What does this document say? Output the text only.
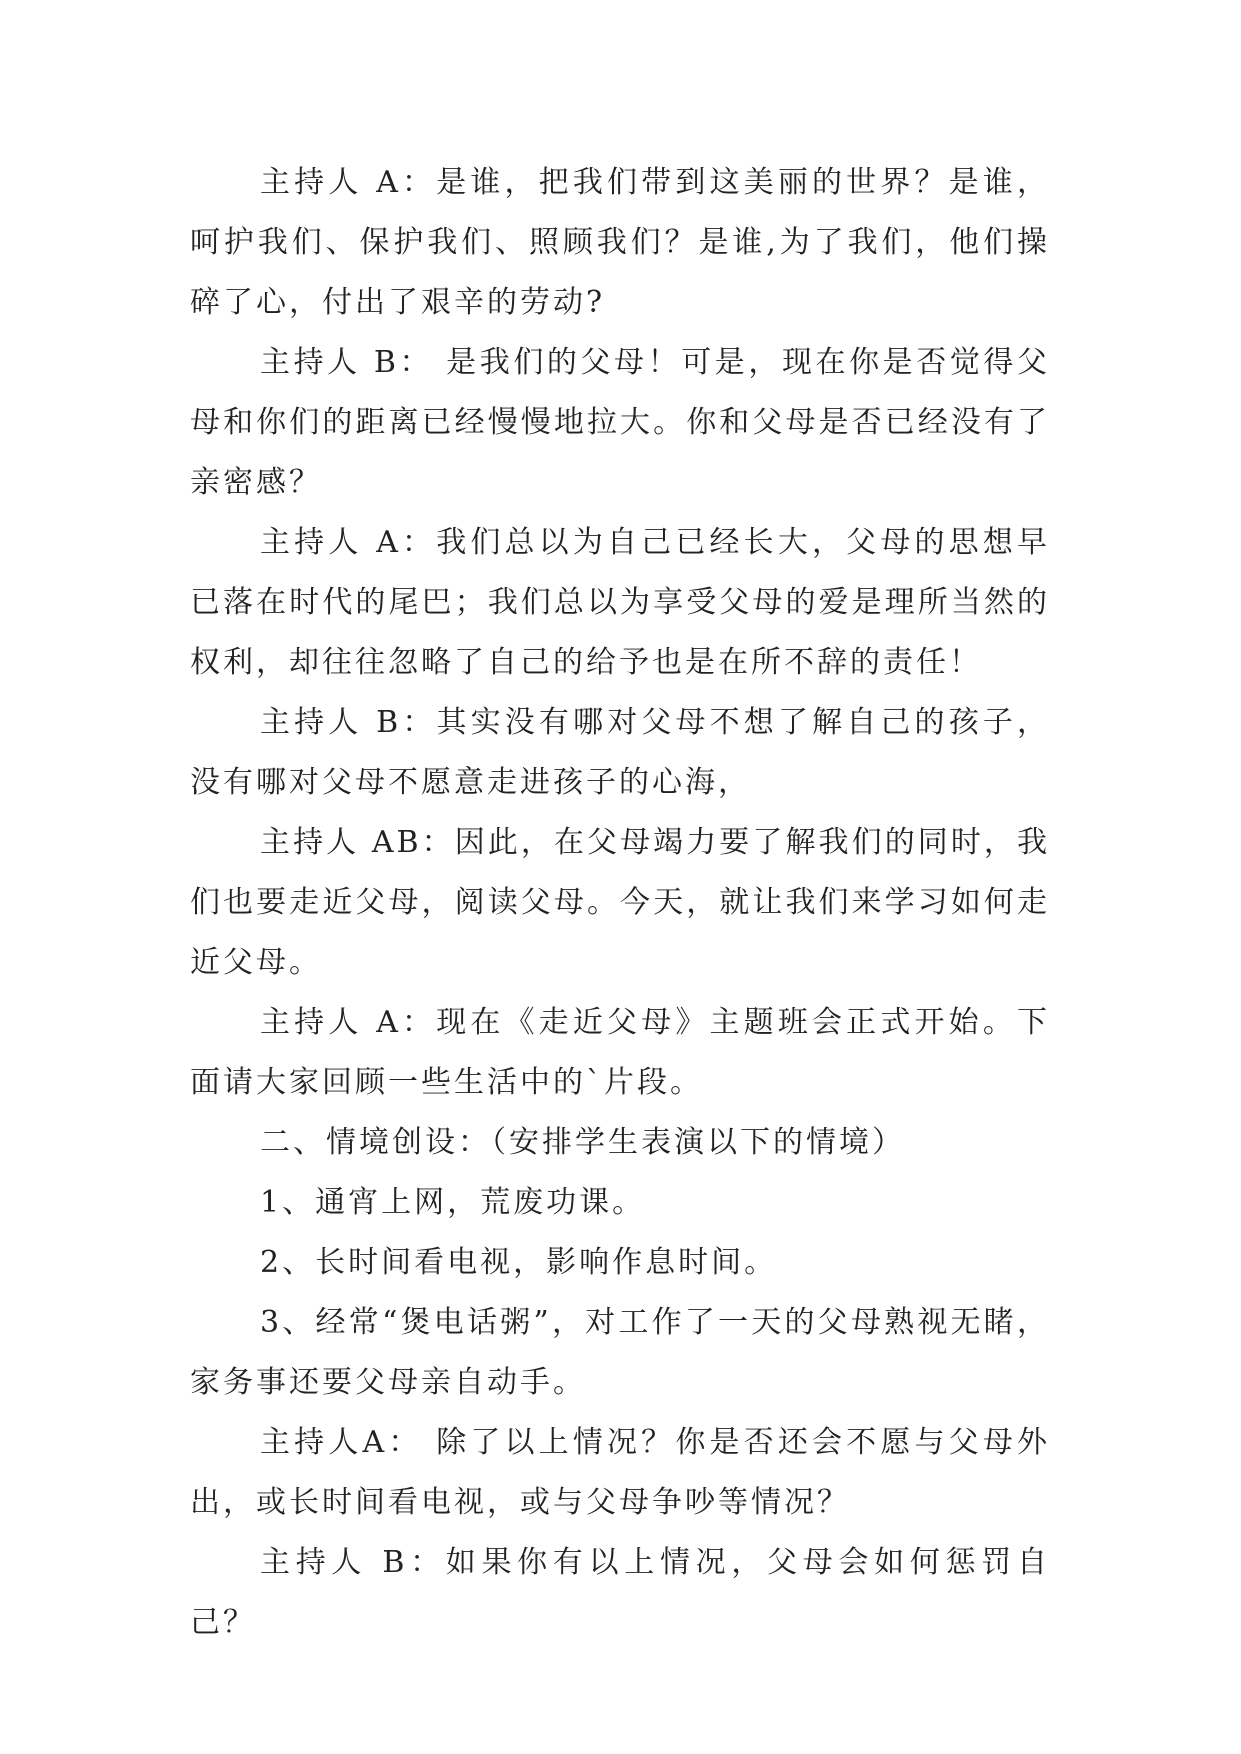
主持人 A：是谁，把我们带到这美丽的世界？是谁，呵护我们、保护我们、照顾我们？是谁,为了我们，他们操碎了心，付出了艰辛的劳动?

主持人 B： 是我们的父母！可是，现在你是否觉得父母和你们的距离已经慢慢地拉大。你和父母是否已经没有了亲密感？

主持人 A：我们总以为自己已经长大，父母的思想早已落在时代的尾巴；我们总以为享受父母的爱是理所当然的权利，却往往忽略了自己的给予也是在所不辞的责任！

主持人 B：其实没有哪对父母不想了解自己的孩子，没有哪对父母不愿意走进孩子的心海，

主持人 AB：因此，在父母竭力要了解我们的同时，我们也要走近父母，阅读父母。今天，就让我们来学习如何走近父母。

主持人 A：现在《走近父母》主题班会正式开始。下面请大家回顾一些生活中的`片段。

二、情境创设：（安排学生表演以下的情境）

1、通宵上网，荒废功课。

2、长时间看电视，影响作息时间。

3、经常“煲电话粥”，对工作了一天的父母熟视无睹，家务事还要父母亲自动手。

主持人A： 除了以上情况？你是否还会不愿与父母外出，或长时间看电视，或与父母争吵等情况？

主持人 B：如果你有以上情况，父母会如何惩罚自己？
